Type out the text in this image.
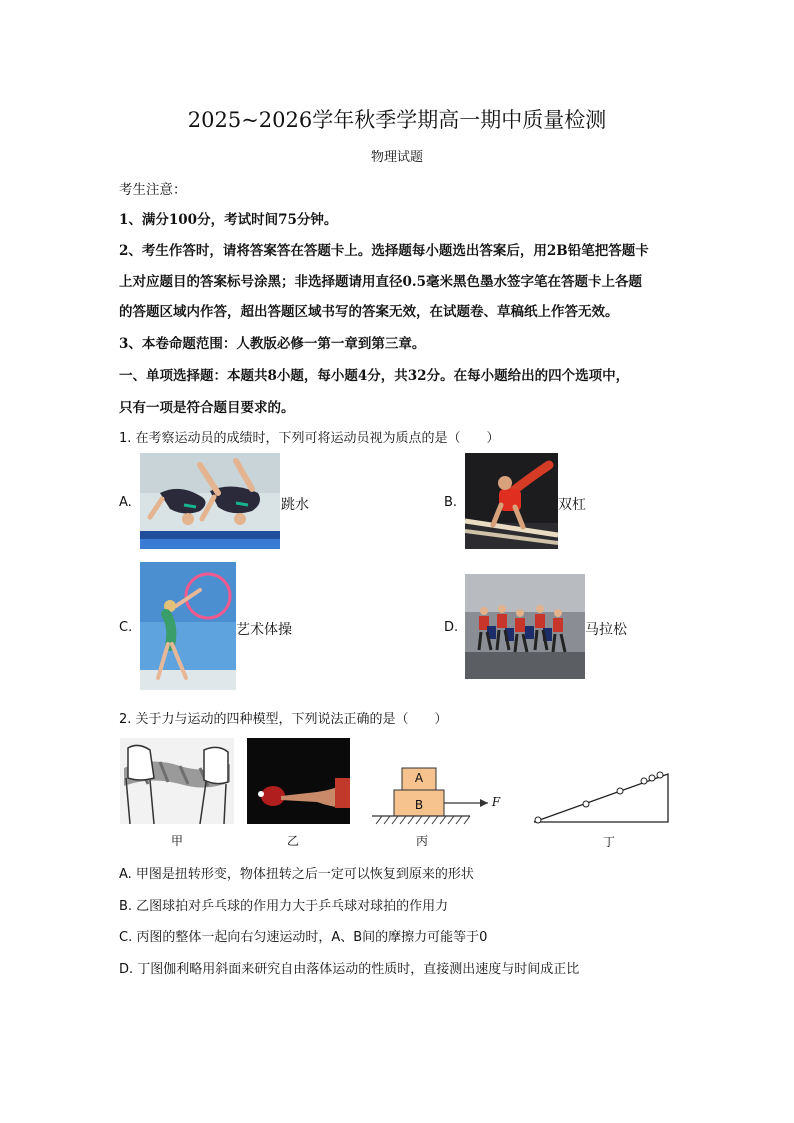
2025~2026学年秋季学期高一期中质量检测
物理试题
考生注意：
1、满分100分，考试时间75分钟。
2、考生作答时，请将答案答在答题卡上。选择题每小题选出答案后，用2B铅笔把答题卡
上对应题目的答案标号涂黑；非选择题请用直径0.5毫米黑色墨水签字笔在答题卡上各题
的答题区域内作答，超出答题区域书写的答案无效，在试题卷、草稿纸上作答无效。
3、本卷命题范围：人教版必修一第一章到第三章。
一、单项选择题：本题共8小题，每小题4分，共32分。在每小题给出的四个选项中，
只有一项是符合题目要求的。
1. 在考察运动员的成绩时，下列可将运动员视为质点的是（　　）
A.	跳水	B.	双杠
C.	艺术体操	D.	马拉松
2. 关于力与运动的四种模型，下列说法正确的是（　　）
甲	乙
A
B	F
丙	丁
A. 甲图是扭转形变，物体扭转之后一定可以恢复到原来的形状
B. 乙图球拍对乒乓球的作用力大于乒乓球对球拍的作用力
C. 丙图的整体一起向右匀速运动时，A、B间的摩擦力可能等于0
D. 丁图伽利略用斜面来研究自由落体运动的性质时，直接测出速度与时间成正比
